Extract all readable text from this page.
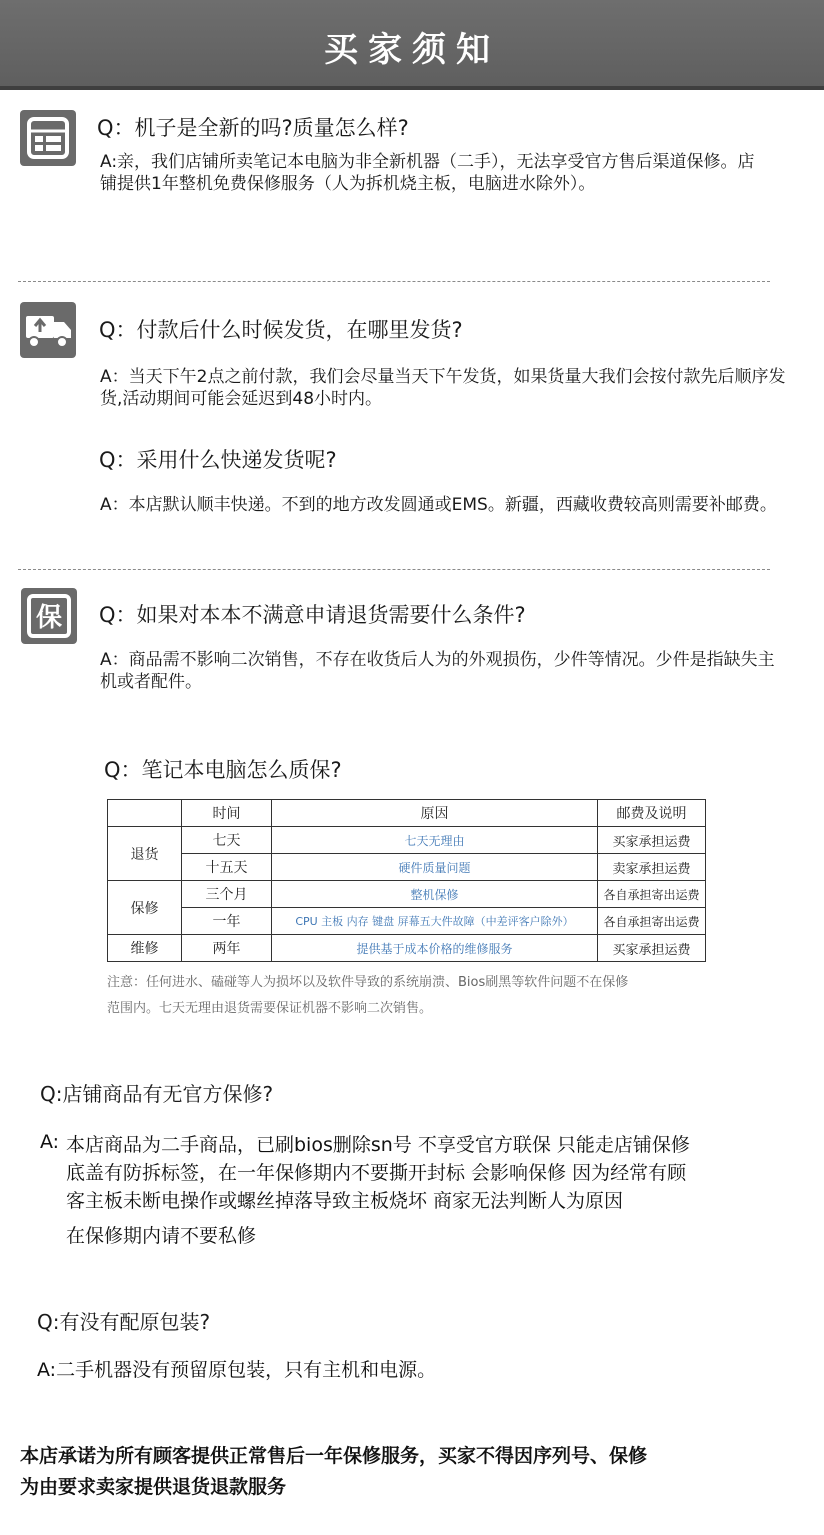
买家须知
Q：机子是全新的吗?质量怎么样?
A:亲，我们店铺所卖笔记本电脑为非全新机器（二手），无法享受官方售后渠道保修。店铺提供1年整机免费保修服务（人为拆机烧主板，电脑进水除外）。
Q：付款后什么时候发货，在哪里发货?
A：当天下午2点之前付款，我们会尽量当天下午发货，如果货量大我们会按付款先后顺序发货,活动期间可能会延迟到48小时内。
Q：采用什么快递发货呢?
A：本店默认顺丰快递。不到的地方改发圆通或EMS。新疆，西藏收费较高则需要补邮费。
保 Q：如果对本本不满意申请退货需要什么条件?
A：商品需不影响二次销售，不存在收货后人为的外观损伤，少件等情况。少件是指缺失主机或者配件。
Q：笔记本电脑怎么质保?
	时间	原因	邮费及说明
退货	七天	七天无理由	买家承担运费
	十五天	硬件质量问题	卖家承担运费
保修	三个月	整机保修	各自承担寄出运费
	一年	CPU 主板 内存 键盘 屏幕五大件故障（中差评客户除外）	各自承担寄出运费
维修	两年	提供基于成本价格的维修服务	买家承担运费
注意：任何进水、磕碰等人为损坏以及软件导致的系统崩溃、Bios刷黑等软件问题不在保修
范围内。七天无理由退货需要保证机器不影响二次销售。
Q:店铺商品有无官方保修?
A: 本店商品为二手商品，已刷bios删除sn号 不享受官方联保 只能走店铺保修
底盖有防拆标签，在一年保修期内不要撕开封标 会影响保修 因为经常有顾
客主板未断电操作或螺丝掉落导致主板烧坏 商家无法判断人为原因
在保修期内请不要私修
Q:有没有配原包装?
A:二手机器没有预留原包装，只有主机和电源。
本店承诺为所有顾客提供正常售后一年保修服务，买家不得因序列号、保修
为由要求卖家提供退货退款服务
